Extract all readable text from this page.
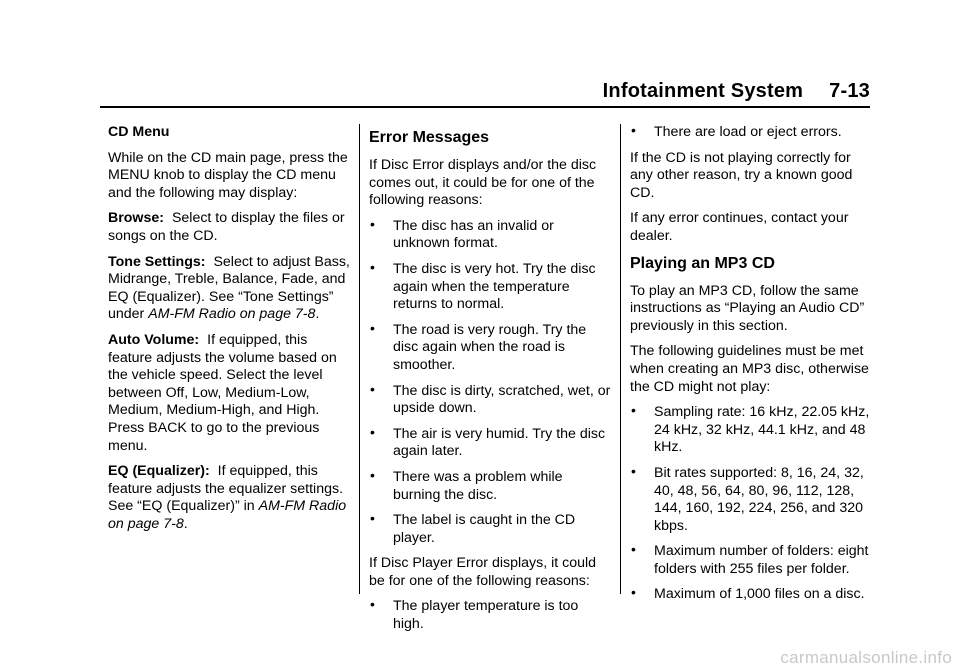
Infotainment System 7-13

CD Menu

While on the CD main page, press the MENU knob to display the CD menu and the following may display:

Browse: Select to display the files or songs on the CD.

Tone Settings: Select to adjust Bass, Midrange, Treble, Balance, Fade, and EQ (Equalizer). See “Tone Settings” under AM-FM Radio on page 7-8.

Auto Volume: If equipped, this feature adjusts the volume based on the vehicle speed. Select the level between Off, Low, Medium-Low, Medium, Medium-High, and High. Press BACK to go to the previous menu.

EQ (Equalizer): If equipped, this feature adjusts the equalizer settings. See “EQ (Equalizer)” in AM-FM Radio on page 7-8.

Error Messages

If Disc Error displays and/or the disc comes out, it could be for one of the following reasons:

• The disc has an invalid or unknown format.
• The disc is very hot. Try the disc again when the temperature returns to normal.
• The road is very rough. Try the disc again when the road is smoother.
• The disc is dirty, scratched, wet, or upside down.
• The air is very humid. Try the disc again later.
• There was a problem while burning the disc.
• The label is caught in the CD player.

If Disc Player Error displays, it could be for one of the following reasons:

• The player temperature is too high.
• There are load or eject errors.

If the CD is not playing correctly for any other reason, try a known good CD.

If any error continues, contact your dealer.

Playing an MP3 CD

To play an MP3 CD, follow the same instructions as “Playing an Audio CD” previously in this section.

The following guidelines must be met when creating an MP3 disc, otherwise the CD might not play:

• Sampling rate: 16 kHz, 22.05 kHz, 24 kHz, 32 kHz, 44.1 kHz, and 48 kHz.
• Bit rates supported: 8, 16, 24, 32, 40, 48, 56, 64, 80, 96, 112, 128, 144, 160, 192, 224, 256, and 320 kbps.
• Maximum number of folders: eight folders with 255 files per folder.
• Maximum of 1,000 files on a disc.
carmanualsonline.info
